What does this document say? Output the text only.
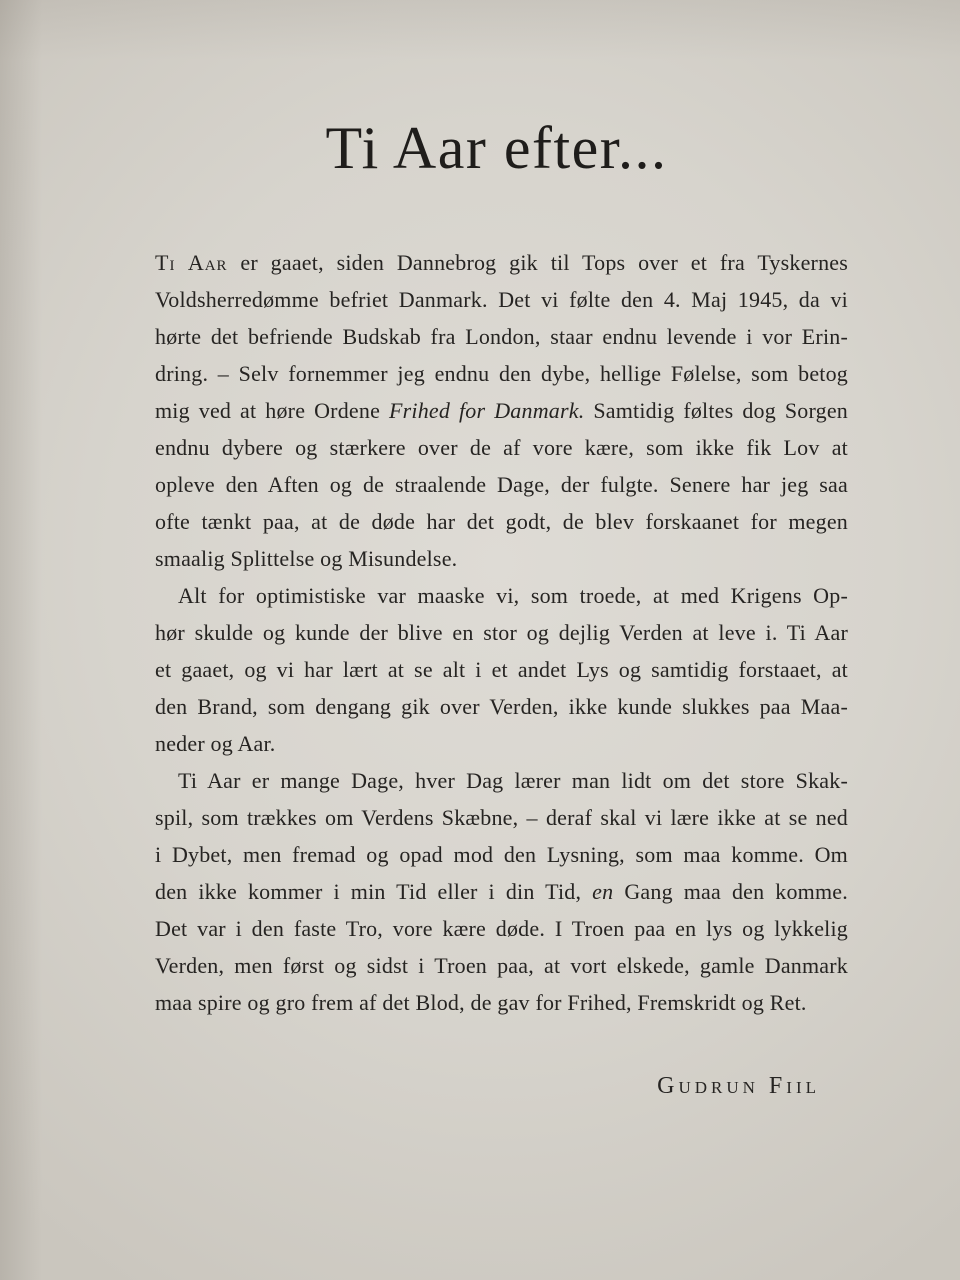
Ti Aar efter...
Ti Aar er gaaet, siden Dannebrog gik til Tops over et fra Tyskernes
Voldsherredømme befriet Danmark. Det vi følte den 4. Maj 1945, da vi
hørte det befriende Budskab fra London, staar endnu levende i vor Erin-
dring. – Selv fornemmer jeg endnu den dybe, hellige Følelse, som betog
mig ved at høre Ordene Frihed for Danmark. Samtidig føltes dog Sorgen
endnu dybere og stærkere over de af vore kære, som ikke fik Lov at
opleve den Aften og de straalende Dage, der fulgte. Senere har jeg saa
ofte tænkt paa, at de døde har det godt, de blev forskaanet for megen
smaalig Splittelse og Misundelse.
Alt for optimistiske var maaske vi, som troede, at med Krigens Op-
hør skulde og kunde der blive en stor og dejlig Verden at leve i. Ti Aar
et gaaet, og vi har lært at se alt i et andet Lys og samtidig forstaaet, at
den Brand, som dengang gik over Verden, ikke kunde slukkes paa Maa-
neder og Aar.
Ti Aar er mange Dage, hver Dag lærer man lidt om det store Skak-
spil, som trækkes om Verdens Skæbne, – deraf skal vi lære ikke at se ned
i Dybet, men fremad og opad mod den Lysning, som maa komme. Om
den ikke kommer i min Tid eller i din Tid, en Gang maa den komme.
Det var i den faste Tro, vore kære døde. I Troen paa en lys og lykkelig
Verden, men først og sidst i Troen paa, at vort elskede, gamle Danmark
maa spire og gro frem af det Blod, de gav for Frihed, Fremskridt og Ret.
Gudrun Fiil
